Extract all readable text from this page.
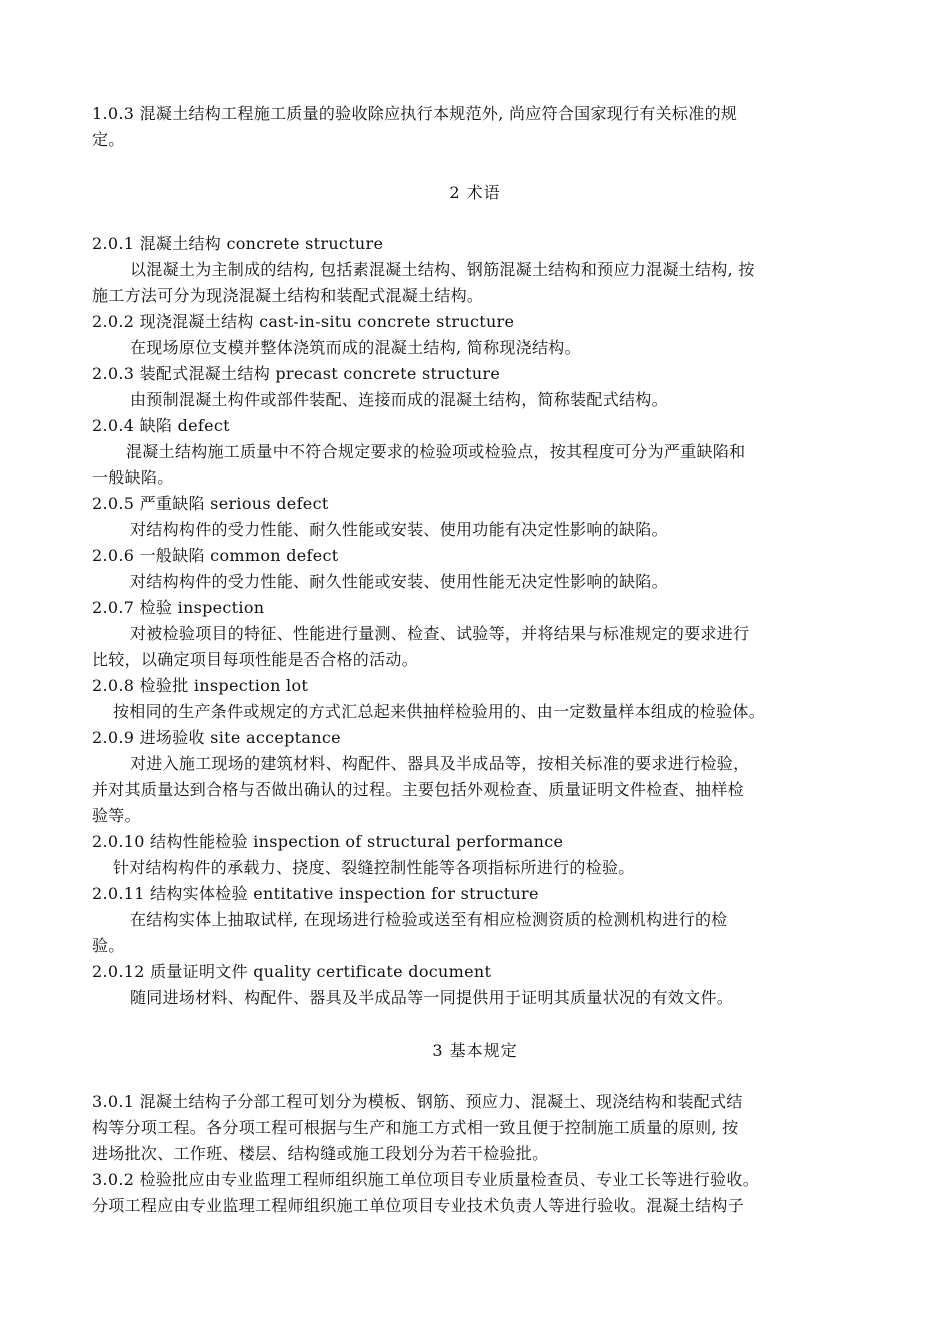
1.0.3 混凝土结构工程施工质量的验收除应执行本规范外, 尚应符合国家现行有关标准的规
定。
2 术语
2.0.1 混凝土结构 concrete structure
以混凝土为主制成的结构, 包括素混凝土结构、钢筋混凝土结构和预应力混凝土结构, 按
施工方法可分为现浇混凝土结构和装配式混凝土结构。
2.0.2 现浇混凝土结构 cast-in-situ concrete structure
在现场原位支模并整体浇筑而成的混凝土结构, 简称现浇结构。
2.0.3 装配式混凝土结构 precast concrete structure
由预制混凝土构件或部件装配、连接而成的混凝土结构，简称装配式结构。
2.0.4 缺陷 defect
混凝土结构施工质量中不符合规定要求的检验项或检验点，按其程度可分为严重缺陷和
一般缺陷。
2.0.5 严重缺陷 serious defect
对结构构件的受力性能、耐久性能或安装、使用功能有决定性影响的缺陷。
2.0.6 一般缺陷 common defect
对结构构件的受力性能、耐久性能或安装、使用性能无决定性影响的缺陷。
2.0.7 检验 inspection
对被检验项目的特征、性能进行量测、检查、试验等，并将结果与标准规定的要求进行
比较，以确定项目每项性能是否合格的活动。
2.0.8 检验批 inspection lot
按相同的生产条件或规定的方式汇总起来供抽样检验用的、由一定数量样本组成的检验体。
2.0.9 进场验收 site acceptance
对进入施工现场的建筑材料、构配件、器具及半成品等，按相关标准的要求进行检验，
并对其质量达到合格与否做出确认的过程。主要包括外观检查、质量证明文件检查、抽样检
验等。
2.0.10 结构性能检验 inspection of structural performance
针对结构构件的承载力、挠度、裂缝控制性能等各项指标所进行的检验。
2.0.11 结构实体检验 entitative inspection for structure
在结构实体上抽取试样, 在现场进行检验或送至有相应检测资质的检测机构进行的检
验。
2.0.12 质量证明文件 quality certificate document
随同进场材料、构配件、器具及半成品等一同提供用于证明其质量状况的有效文件。
3 基本规定
3.0.1 混凝土结构子分部工程可划分为模板、钢筋、预应力、混凝土、现浇结构和装配式结
构等分项工程。各分项工程可根据与生产和施工方式相一致且便于控制施工质量的原则, 按
进场批次、工作班、楼层、结构缝或施工段划分为若干检验批。
3.0.2 检验批应由专业监理工程师组织施工单位项目专业质量检查员、专业工长等进行验收。
分项工程应由专业监理工程师组织施工单位项目专业技术负责人等进行验收。混凝土结构子
